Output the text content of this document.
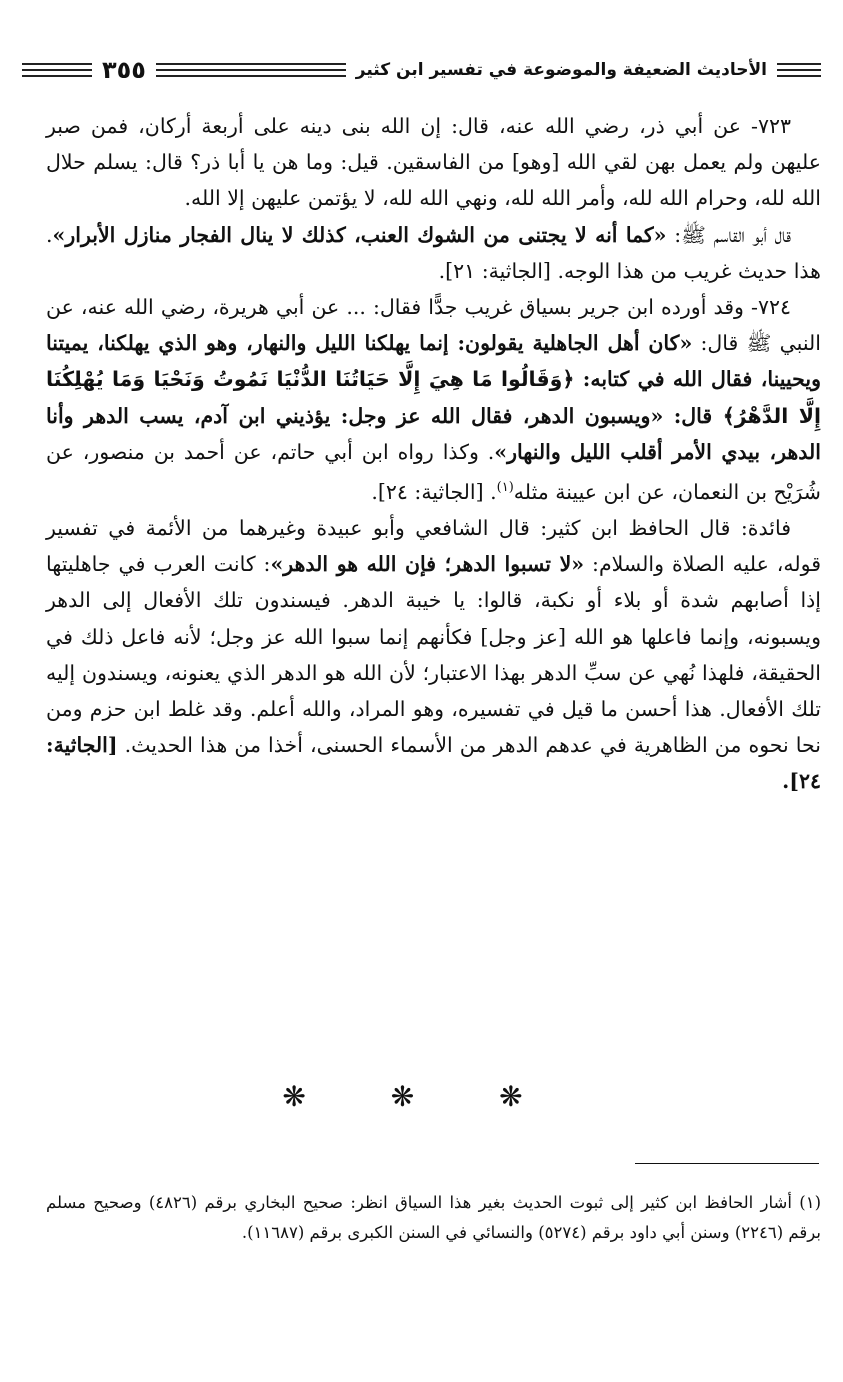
الأحاديث الضعيفة والموضوعة في تفسير ابن كثير
٣٥٥

٧٢٣- عن أبي ذر، رضي الله عنه، قال: إن الله بنى دينه على أربعة أركان، فمن صبر عليهن ولم يعمل بهن لقي الله [وهو] من الفاسقين. قيل: وما هن يا أبا ذر؟ قال: يسلم حلال الله لله، وحرام الله لله، وأمر الله لله، ونهي الله لله، لا يؤتمن عليهن إلا الله.

قال أبو القاسم ﷺ: «كما أنه لا يجتنى من الشوك العنب، كذلك لا ينال الفجار منازل الأبرار». هذا حديث غريب من هذا الوجه. [الجاثية: ٢١].

٧٢٤- وقد أورده ابن جرير بسياق غريب جدًّا فقال: ... عن أبي هريرة، رضي الله عنه، عن النبي ﷺ قال: «كان أهل الجاهلية يقولون: إنما يهلكنا الليل والنهار، وهو الذي يهلكنا، يميتنا ويحيينا، فقال الله في كتابه: ﴿وَقَالُوا مَا هِيَ إِلَّا حَيَاتُنَا الدُّنْيَا نَمُوتُ وَنَحْيَا وَمَا يُهْلِكُنَا إِلَّا الدَّهْرُ﴾ قال: «ويسبون الدهر، فقال الله عز وجل: يؤذيني ابن آدم، يسب الدهر وأنا الدهر، بيدي الأمر أقلب الليل والنهار». وكذا رواه ابن أبي حاتم، عن أحمد بن منصور، عن شُرَيْح بن النعمان، عن ابن عيينة مثله$^{(١)}$. [الجاثية: ٢٤].

فائدة: قال الحافظ ابن كثير: قال الشافعي وأبو عبيدة وغيرهما من الأئمة في تفسير قوله، عليه الصلاة والسلام: «لا تسبوا الدهر؛ فإن الله هو الدهر»: كانت العرب في جاهليتها إذا أصابهم شدة أو بلاء أو نكبة، قالوا: يا خيبة الدهر. فيسندون تلك الأفعال إلى الدهر ويسبونه، وإنما فاعلها هو الله [عز وجل] فكأنهم إنما سبوا الله عز وجل؛ لأنه فاعل ذلك في الحقيقة، فلهذا نُهي عن سبِّ الدهر بهذا الاعتبار؛ لأن الله هو الدهر الذي يعنونه، ويسندون إليه تلك الأفعال. هذا أحسن ما قيل في تفسيره، وهو المراد، والله أعلم. وقد غلط ابن حزم ومن نحا نحوه من الظاهرية في عدهم الدهر من الأسماء الحسنى، أخذا من هذا الحديث. [الجاثية: ٢٤].

❋ ❋ ❋

(١) أشار الحافظ ابن كثير إلى ثبوت الحديث بغير هذا السياق انظر: صحيح البخاري برقم (٤٨٢٦) وصحيح مسلم برقم (٢٢٤٦) وسنن أبي داود برقم (٥٢٧٤) والنسائي في السنن الكبرى برقم (١١٦٨٧).
